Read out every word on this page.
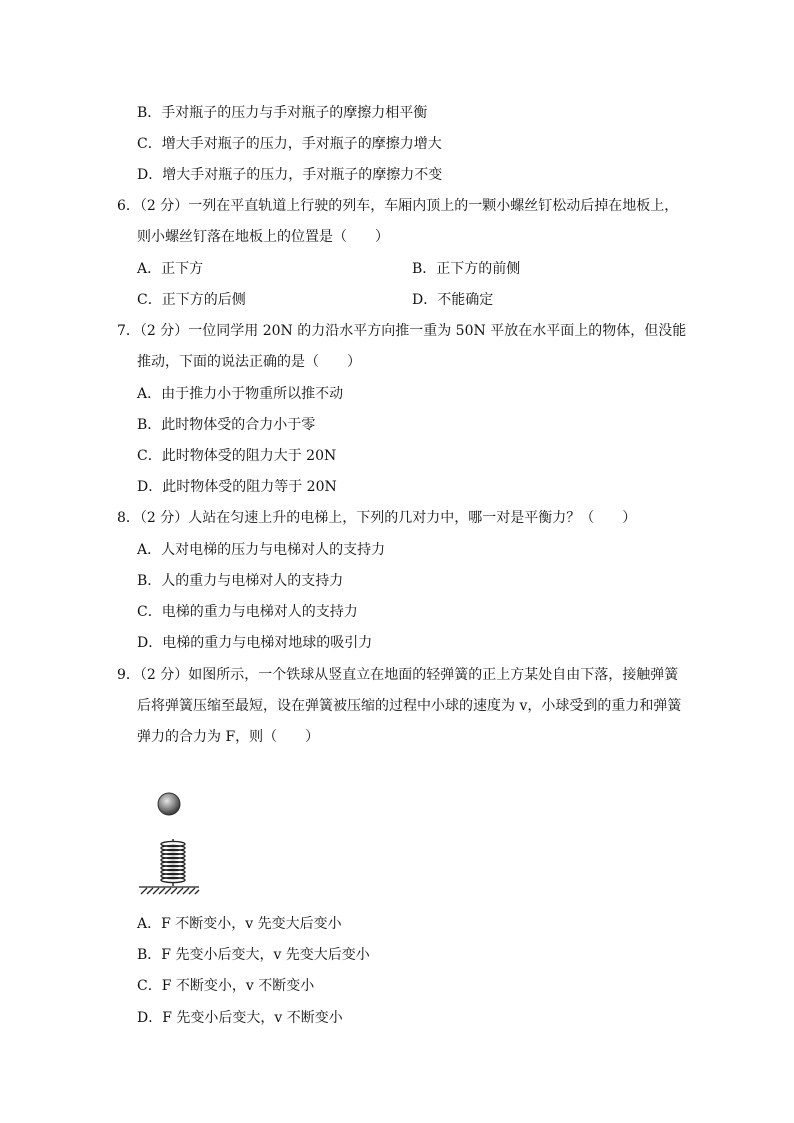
B．手对瓶子的压力与手对瓶子的摩擦力相平衡
C．增大手对瓶子的压力，手对瓶子的摩擦力增大
D．增大手对瓶子的压力，手对瓶子的摩擦力不变
6．（2 分）一列在平直轨道上行驶的列车，车厢内顶上的一颗小螺丝钉松动后掉在地板上，
则小螺丝钉落在地板上的位置是（　　）
A．正下方	B．正下方的前侧
C．正下方的后侧	D．不能确定
7．（2 分）一位同学用 20N 的力沿水平方向推一重为 50N 平放在水平面上的物体，但没能
推动，下面的说法正确的是（　　）
A．由于推力小于物重所以推不动
B．此时物体受的合力小于零
C．此时物体受的阻力大于 20N
D．此时物体受的阻力等于 20N
8．（2 分）人站在匀速上升的电梯上，下列的几对力中，哪一对是平衡力？（　　）
A．人对电梯的压力与电梯对人的支持力
B．人的重力与电梯对人的支持力
C．电梯的重力与电梯对人的支持力
D．电梯的重力与电梯对地球的吸引力
9．（2 分）如图所示，一个铁球从竖直立在地面的轻弹簧的正上方某处自由下落，接触弹簧
后将弹簧压缩至最短，设在弹簧被压缩的过程中小球的速度为 v，小球受到的重力和弹簧
弹力的合力为 F，则（　　）
A．F 不断变小，v 先变大后变小
B．F 先变小后变大，v 先变大后变小
C．F 不断变小，v 不断变小
D．F 先变小后变大，v 不断变小
